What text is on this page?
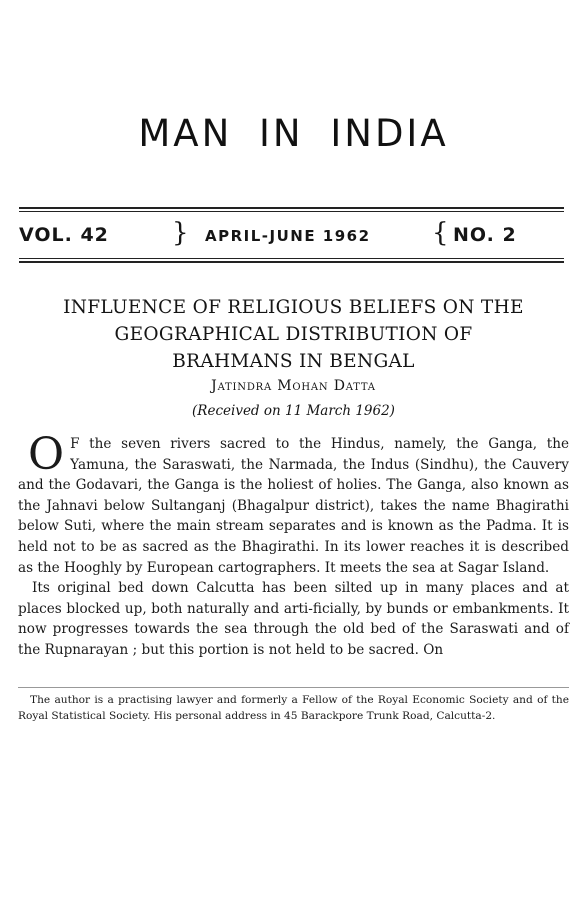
MAN IN INDIA
VOL. 42 } APRIL-JUNE 1962 { NO. 2
INFLUENCE OF RELIGIOUS BELIEFS ON THE
GEOGRAPHICAL DISTRIBUTION OF
BRAHMANS IN BENGAL
Jatindra Mohan Datta
(Received on 11 March 1962)

O F the seven rivers sacred to the Hindus, namely, the Ganga, the Yamuna, the Saraswati, the Narmada, the Indus (Sindhu), the Cauvery and the Godavari, the Ganga is the holiest of holies. The Ganga, also known as the Jahnavi below Sultanganj (Bhagalpur district), takes the name Bhagirathi below Suti, where the main stream separates and is known as the Padma. It is held not to be as sacred as the Bhagirathi. In its lower reaches it is described as the Hooghly by European cartographers. It meets the sea at Sagar Island.

Its original bed down Calcutta has been silted up in many places and at places blocked up, both naturally and arti-ficially, by bunds or embankments. It now progresses towards the sea through the old bed of the Saraswati and of the Rupnarayan ; but this portion is not held to be sacred. On

The author is a practising lawyer and formerly a Fellow of the Royal Economic Society and of the Royal Statistical Society. His personal address in 45 Barackpore Trunk Road, Calcutta-2.
